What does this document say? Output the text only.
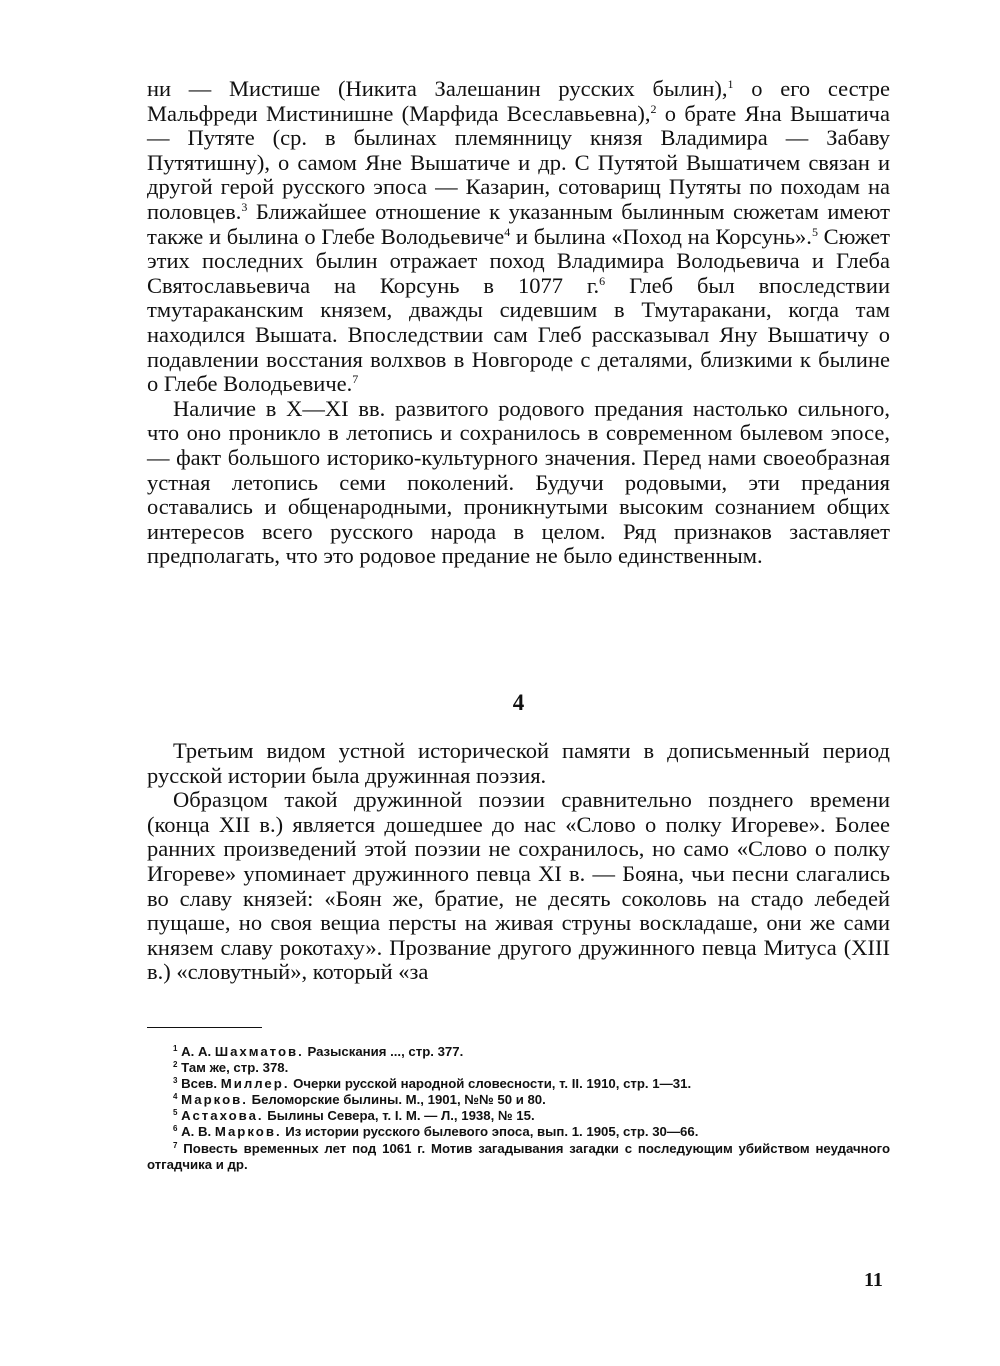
ни — Мистише (Никита Залешанин русских былин),$^1$ о его сестре Мальфреди Мистинишне (Марфида Всеславьевна),$^2$ о брате Яна Вышатича — Путяте (ср. в былинах племянницу князя Владимира — Забаву Путятишну), о самом Яне Вышатиче и др. С Путятой Вышатичем связан и другой герой русского эпоса — Казарин, сотоварищ Путяты по походам на половцев.$^3$ Ближайшее отношение к указанным былинным сюжетам имеют также и былина о Глебе Володьевиче$^4$ и былина «Поход на Корсунь».$^5$ Сюжет этих последних былин отражает поход Владимира Володьевича и Глеба Святославьевича на Корсунь в 1077 г.$^6$ Глеб был впоследствии тмутараканским князем, дважды сидевшим в Тмутаракани, когда там находился Вышата. Впоследствии сам Глеб рассказывал Яну Вышатичу о подавлении восстания волхвов в Новгороде с деталями, близкими к былине о Глебе Володьевиче.$^7$

Наличие в X—XI вв. развитого родового предания настолько сильного, что оно проникло в летопись и сохранилось в современном былевом эпосе, — факт большого историко-культурного значения. Перед нами своеобразная устная летопись семи поколений. Будучи родовыми, эти предания оставались и общенародными, проникнутыми высоким сознанием общих интересов всего русского народа в целом. Ряд признаков заставляет предполагать, что это родовое предание не было единственным.

4

Третьим видом устной исторической памяти в дописьменный период русской истории была дружинная поэзия.

Образцом такой дружинной поэзии сравнительно позднего времени (конца XII в.) является дошедшее до нас «Слово о полку Игореве». Более ранних произведений этой поэзии не сохранилось, но само «Слово о полку Игореве» упоминает дружинного певца XI в. — Бояна, чьи песни слагались во славу князей: «Боян же, братие, не десять соколовь на стадо лебедей пущаше, но своя вещиа персты на живая струны воскладаше, они же сами князем славу рокотаху». Прозвание другого дружинного певца Митуса (XIII в.) «словутный», который «за

$^1$ А. А. Шахматов. Разыскания ..., стр. 377.

$^2$ Там же, стр. 378.

$^3$ Всев. Миллер. Очерки русской народной словесности, т. II. 1910, стр. 1—31.

$^4$ Марков. Беломорские былины. М., 1901, №№ 50 и 80.

$^5$ Астахова. Былины Севера, т. I. М. — Л., 1938, № 15.

$^6$ А. В. Марков. Из истории русского былевого эпоса, вып. 1. 1905, стр. 30—66.

$^7$ Повесть временных лет под 1061 г. Мотив загадывания загадки с последующим убийством неудачного отгадчика и др.

11
